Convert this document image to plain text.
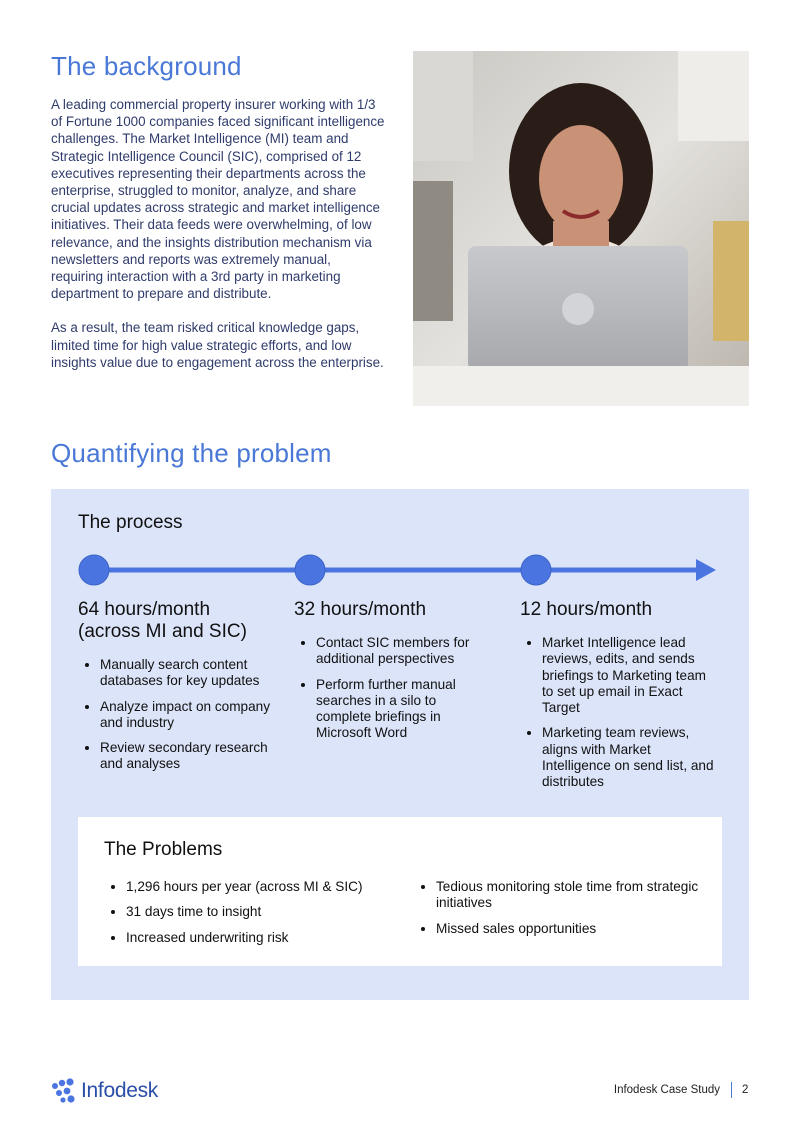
The background

A leading commercial property insurer working with 1/3 of Fortune 1000 companies faced significant intelligence challenges. The Market Intelligence (MI) team and Strategic Intelligence Council (SIC), comprised of 12 executives representing their departments across the enterprise, struggled to monitor, analyze, and share crucial updates across strategic and market intelligence initiatives. Their data feeds were overwhelming, of low relevance, and the insights distribution mechanism via newsletters and reports was extremely manual, requiring interaction with a 3rd party in marketing department to prepare and distribute.

As a result, the team risked critical knowledge gaps, limited time for high value strategic efforts, and low insights value due to engagement across the enterprise.

Quantifying the problem
The process
64 hours/month
(across MI and SIC)
• Manually search content databases for key updates
• Analyze impact on company and industry
• Review secondary research and analyses
32 hours/month
• Contact SIC members for additional perspectives
• Perform further manual searches in a silo to complete briefings in Microsoft Word
12 hours/month
• Market Intelligence lead reviews, edits, and sends briefings to Marketing team to set up email in Exact Target
• Marketing team reviews, aligns with Market Intelligence on send list, and distributes
The Problems
• 1,296 hours per year (across MI & SIC)
• 31 days time to insight
• Increased underwriting risk
• Tedious monitoring stole time from strategic initiatives
• Missed sales opportunities
Infodesk	Infodesk Case Study 2
